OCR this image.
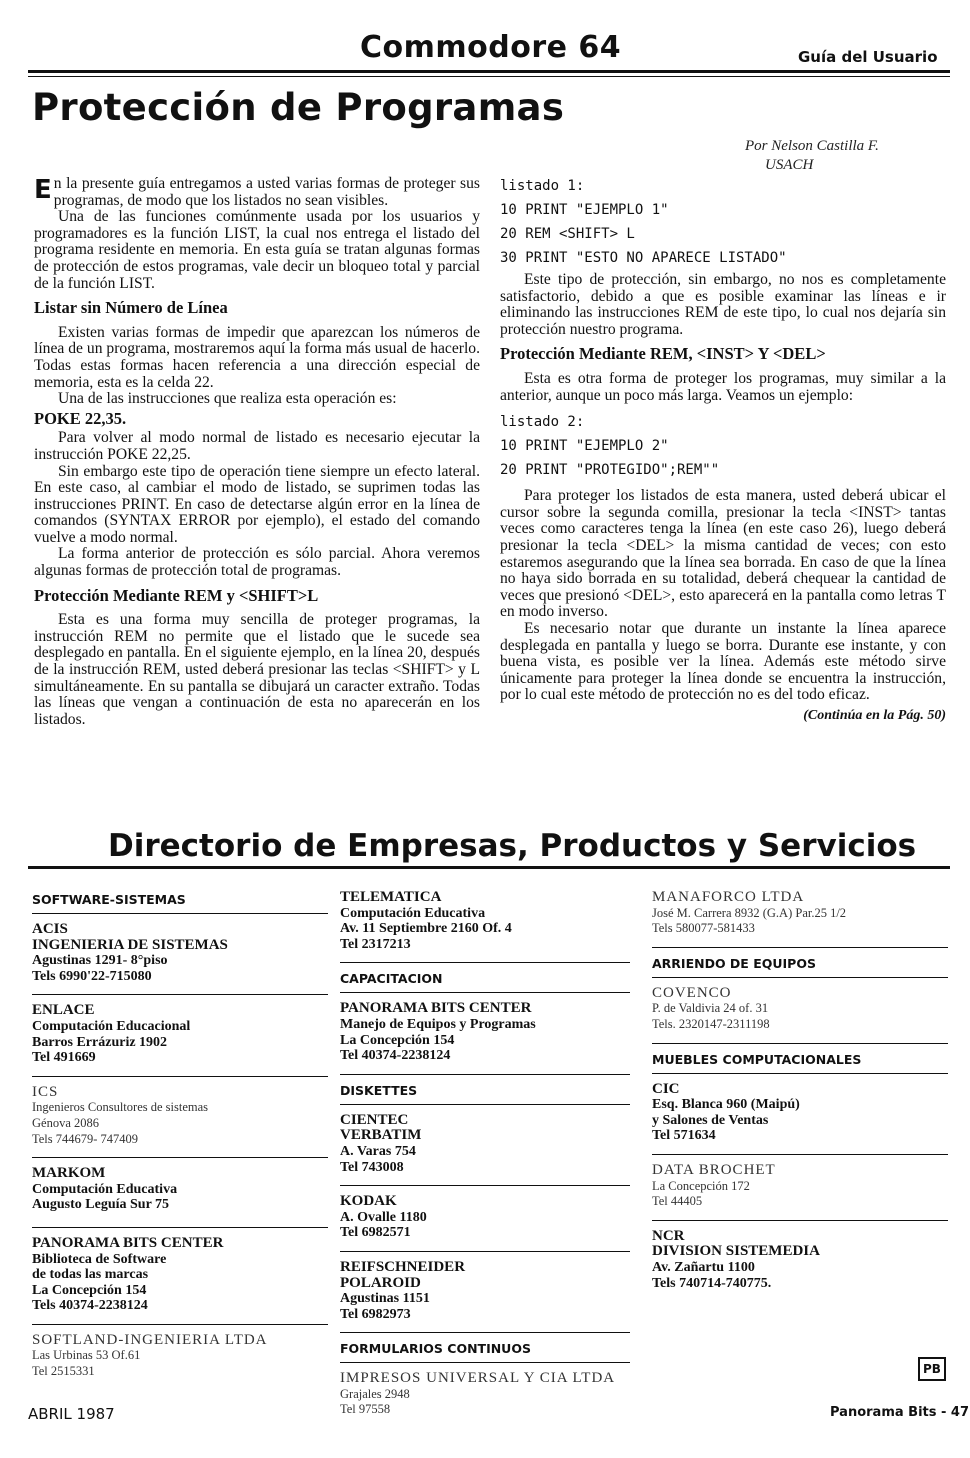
Commodore 64	Guía del Usuario
Protección de Programas
Por Nelson Castilla F.
USACH

En la presente guía entregamos a usted varias formas de proteger sus programas, de modo que los listados no sean visibles.

Una de las funciones comúnmente usada por los usuarios y programadores es la función LIST, la cual nos entrega el listado del programa residente en memoria. En esta guía se tratan algunas formas de protección de estos programas, vale decir un bloqueo total y parcial de la función LIST.

Listar sin Número de Línea

Existen varias formas de impedir que aparezcan los números de línea de un programa, mostraremos aquí la forma más usual de hacerlo. Todas estas formas hacen referencia a una dirección especial de memoria, esta es la celda 22.

Una de las instrucciones que realiza esta operación es:

POKE 22,35.

Para volver al modo normal de listado es necesario ejecutar la instrucción POKE 22,25.

Sin embargo este tipo de operación tiene siempre un efecto lateral. En este caso, al cambiar el modo de listado, se suprimen todas las instrucciones PRINT. En caso de detectarse algún error en la línea de comandos (SYNTAX ERROR por ejemplo), el estado del comando vuelve a modo normal.

La forma anterior de protección es sólo parcial. Ahora veremos algunas formas de protección total de programas.

Protección Mediante REM y <SHIFT>L

Esta es una forma muy sencilla de proteger programas, la instrucción REM no permite que el listado que le sucede sea desplegado en pantalla. En el siguiente ejemplo, en la línea 20, después de la instrucción REM, usted deberá presionar las teclas <SHIFT> y L simultáneamente. En su pantalla se dibujará un caracter extraño. Todas las líneas que vengan a continuación de esta no aparecerán en los listados.

listado 1:
10 PRINT "EJEMPLO 1"
20 REM <SHIFT> L
30 PRINT "ESTO NO APARECE LISTADO"

Este tipo de protección, sin embargo, no nos es completamente satisfactorio, debido a que es posible examinar las líneas e ir eliminando las instrucciones REM de este tipo, lo cual nos dejaría sin protección nuestro programa.

Protección Mediante REM, <INST> Y <DEL>

Esta es otra forma de proteger los programas, muy similar a la anterior, aunque un poco más larga. Veamos un ejemplo:

listado 2:
10 PRINT "EJEMPLO 2"
20 PRINT "PROTEGIDO";REM""

Para proteger los listados de esta manera, usted deberá ubicar el cursor sobre la segunda comilla, presionar la tecla <INST> tantas veces como caracteres tenga la línea (en este caso 26), luego deberá presionar la tecla <DEL> la misma cantidad de veces; con esto estaremos asegurando que la línea sea borrada. En caso de que la línea no haya sido borrada en su totalidad, deberá chequear la cantidad de veces que presionó <DEL>, esto aparecerá en la pantalla como letras T en modo inverso.

Es necesario notar que durante un instante la línea aparece desplegada en pantalla y luego se borra. Durante ese instante, y con buena vista, es posible ver la línea. Además este método sirve únicamente para proteger la línea donde se encuentra la instrucción, por lo cual este método de protección no es del todo eficaz.

(Continúa en la Pág. 50)
Directorio de Empresas, Productos y Servicios
SOFTWARE-SISTEMAS
ACIS
INGENIERIA DE SISTEMAS
Agustinas 1291- 8°piso
Tels 6990'22-715080
ENLACE
Computación Educacional
Barros Errázuriz 1902
Tel 491669
ICS
Ingenieros Consultores de sistemas
Génova 2086
Tels 744679- 747409
MARKOM
Computación Educativa
Augusto Leguía Sur 75
PANORAMA BITS CENTER
Biblioteca de Software
de todas las marcas
La Concepción 154
Tels 40374-2238124
SOFTLAND-INGENIERIA LTDA
Las Urbinas 53 Of.61
Tel 2515331
TELEMATICA
Computación Educativa
Av. 11 Septiembre 2160 Of. 4
Tel 2317213
CAPACITACION
PANORAMA BITS CENTER
Manejo de Equipos y Programas
La Concepción 154
Tel 40374-2238124
DISKETTES
CIENTEC
VERBATIM
A. Varas 754
Tel 743008
KODAK
A. Ovalle 1180
Tel 6982571
REIFSCHNEIDER
POLAROID
Agustinas 1151
Tel 6982973
FORMULARIOS CONTINUOS
IMPRESOS UNIVERSAL Y CIA LTDA
Grajales 2948
Tel 97558
MANAFORCO LTDA
José M. Carrera 8932 (G.A) Par.25 1/2
Tels 580077-581433
ARRIENDO DE EQUIPOS
COVENCO
P. de Valdivia 24 of. 31
Tels. 2320147-2311198
MUEBLES COMPUTACIONALES
CIC
Esq. Blanca 960 (Maipú)
y Salones de Ventas
Tel 571634
DATA BROCHET
La Concepción 172
Tel 44405
NCR
DIVISION SISTEMEDIA
Av. Zañartu 1100
Tels 740714-740775.
PB
ABRIL 1987	Panorama Bits - 47
